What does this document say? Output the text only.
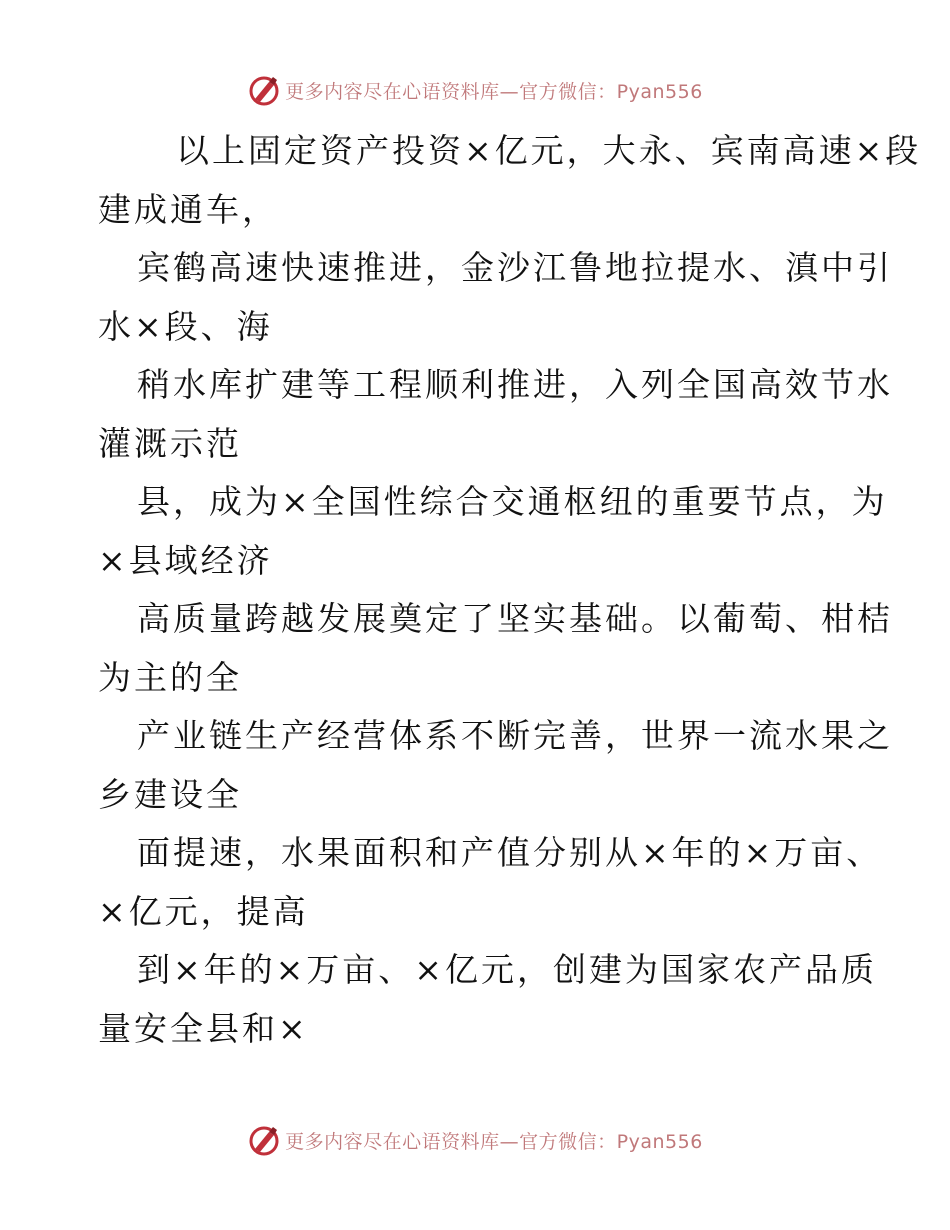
更多内容尽在心语资料库—官方微信：Pyan556
以上固定资产投资×亿元，大永、宾南高速×段
建成通车，
宾鹤高速快速推进，金沙江鲁地拉提水、滇中引
水×段、海
稍水库扩建等工程顺利推进，入列全国高效节水
灌溉示范
县，成为×全国性综合交通枢纽的重要节点，为
×县域经济
高质量跨越发展奠定了坚实基础。以葡萄、柑桔
为主的全
产业链生产经营体系不断完善，世界一流水果之
乡建设全
面提速，水果面积和产值分别从×年的×万亩、
×亿元，提高
到×年的×万亩、×亿元，创建为国家农产品质
量安全县和×
更多内容尽在心语资料库—官方微信：Pyan556
